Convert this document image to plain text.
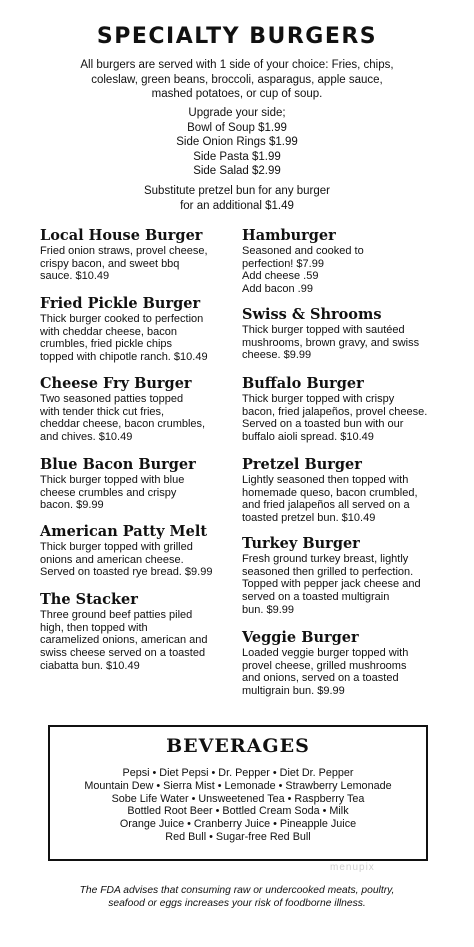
SPECIALTY BURGERS
All burgers are served with 1 side of your choice: Fries, chips,
coleslaw, green beans, broccoli, asparagus, apple sauce,
mashed potatoes, or cup of soup.
Upgrade your side;
Bowl of Soup $1.99
Side Onion Rings $1.99
Side Pasta $1.99
Side Salad $2.99
Substitute pretzel bun for any burger
for an additional $1.49
Local House Burger
Fried onion straws, provel cheese,
crispy bacon, and sweet bbq
sauce. $10.49
Fried Pickle Burger
Thick burger cooked to perfection
with cheddar cheese, bacon
crumbles, fried pickle chips
topped with chipotle ranch. $10.49
Cheese Fry Burger
Two seasoned patties topped
with tender thick cut fries,
cheddar cheese, bacon crumbles,
and chives. $10.49
Blue Bacon Burger
Thick burger topped with blue
cheese crumbles and crispy
bacon. $9.99
American Patty Melt
Thick burger topped with grilled
onions and american cheese.
Served on toasted rye bread. $9.99
The Stacker
Three ground beef patties piled
high, then topped with
caramelized onions, american and
swiss cheese served on a toasted
ciabatta bun. $10.49
Hamburger
Seasoned and cooked to
perfection! $7.99
Add cheese .59
Add bacon .99
Swiss & Shrooms
Thick burger topped with sautéed
mushrooms, brown gravy, and swiss
cheese. $9.99
Buffalo Burger
Thick burger topped with crispy
bacon, fried jalapeños, provel cheese.
Served on a toasted bun with our
buffalo aioli spread. $10.49
Pretzel Burger
Lightly seasoned then topped with
homemade queso, bacon crumbled,
and fried jalapeños all served on a
toasted pretzel bun. $10.49
Turkey Burger
Fresh ground turkey breast, lightly
seasoned then grilled to perfection.
Topped with pepper jack cheese and
served on a toasted multigrain
bun. $9.99
Veggie Burger
Loaded veggie burger topped with
provel cheese, grilled mushrooms
and onions, served on a toasted
multigrain bun. $9.99
BEVERAGES
Pepsi • Diet Pepsi • Dr. Pepper • Diet Dr. Pepper
Mountain Dew • Sierra Mist • Lemonade • Strawberry Lemonade
Sobe Life Water • Unsweetened Tea • Raspberry Tea
Bottled Root Beer • Bottled Cream Soda • Milk
Orange Juice • Cranberry Juice • Pineapple Juice
Red Bull • Sugar-free Red Bull
menupix
The FDA advises that consuming raw or undercooked meats, poultry,
seafood or eggs increases your risk of foodborne illness.
